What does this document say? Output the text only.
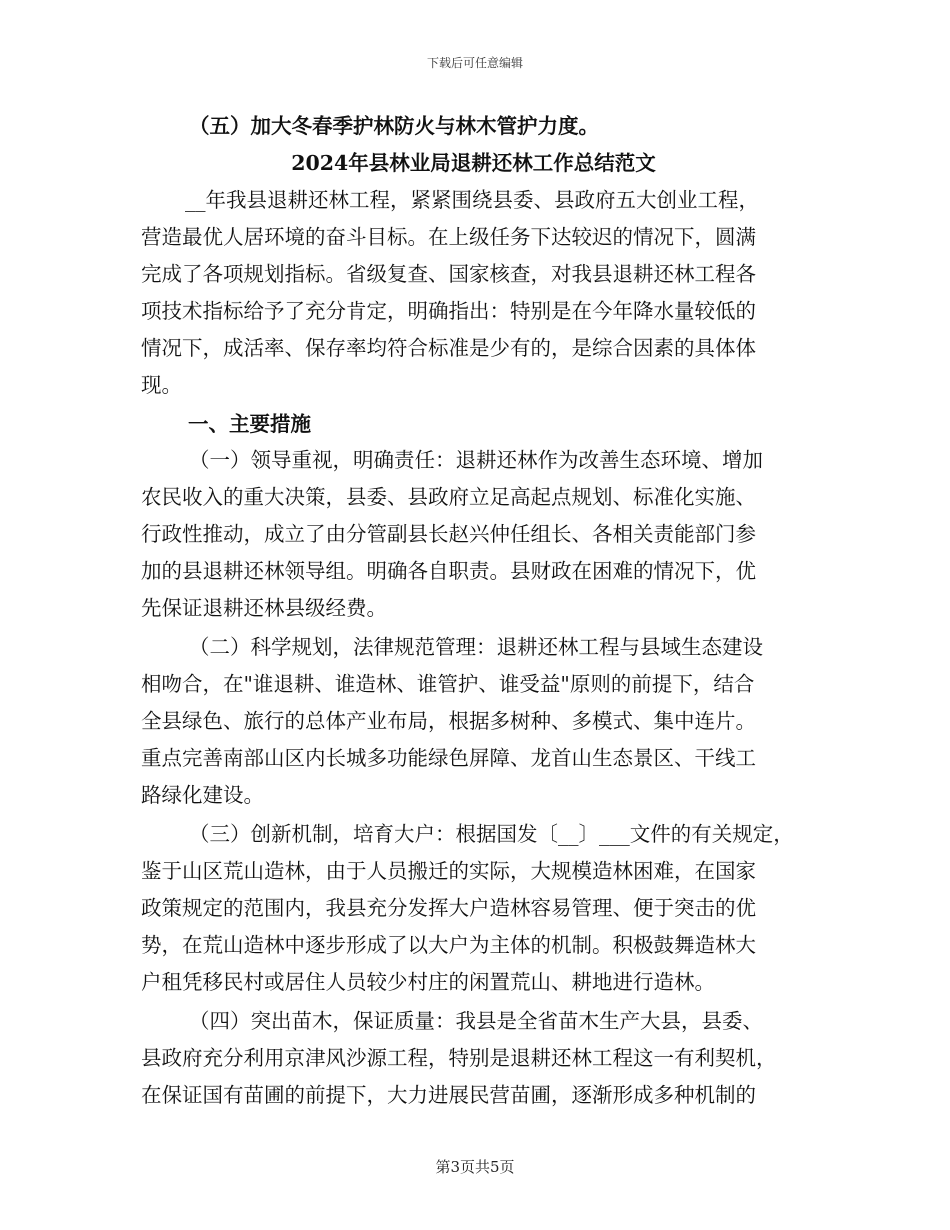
下载后可任意编辑
（五）加大冬春季护林防火与林木管护力度。
2024年县林业局退耕还林工作总结范文
__年我县退耕还林工程，紧紧围绕县委、县政府五大创业工程，
营造最优人居环境的奋斗目标。在上级任务下达较迟的情况下，圆满
完成了各项规划指标。省级复查、国家核查，对我县退耕还林工程各
项技术指标给予了充分肯定，明确指出：特别是在今年降水量较低的
情况下，成活率、保存率均符合标准是少有的，是综合因素的具体体
现。
一、主要措施
（一）领导重视，明确责任：退耕还林作为改善生态环境、增加
农民收入的重大决策，县委、县政府立足高起点规划、标准化实施、
行政性推动，成立了由分管副县长赵兴仲任组长、各相关责能部门参
加的县退耕还林领导组。明确各自职责。县财政在困难的情况下，优
先保证退耕还林县级经费。
（二）科学规划，法律规范管理：退耕还林工程与县域生态建设
相吻合，在"谁退耕、谁造林、谁管护、谁受益"原则的前提下，结合
全县绿色、旅行的总体产业布局，根据多树种、多模式、集中连片。
重点完善南部山区内长城多功能绿色屏障、龙首山生态景区、干线工
路绿化建设。
（三）创新机制，培育大户：根据国发〔__〕___文件的有关规定，
鉴于山区荒山造林，由于人员搬迁的实际，大规模造林困难，在国家
政策规定的范围内，我县充分发挥大户造林容易管理、便于突击的优
势，在荒山造林中逐步形成了以大户为主体的机制。积极鼓舞造林大
户租凭移民村或居住人员较少村庄的闲置荒山、耕地进行造林。
（四）突出苗木，保证质量：我县是全省苗木生产大县，县委、
县政府充分利用京津风沙源工程，特别是退耕还林工程这一有利契机，
在保证国有苗圃的前提下，大力进展民营苗圃，逐渐形成多种机制的
第3页共5页
